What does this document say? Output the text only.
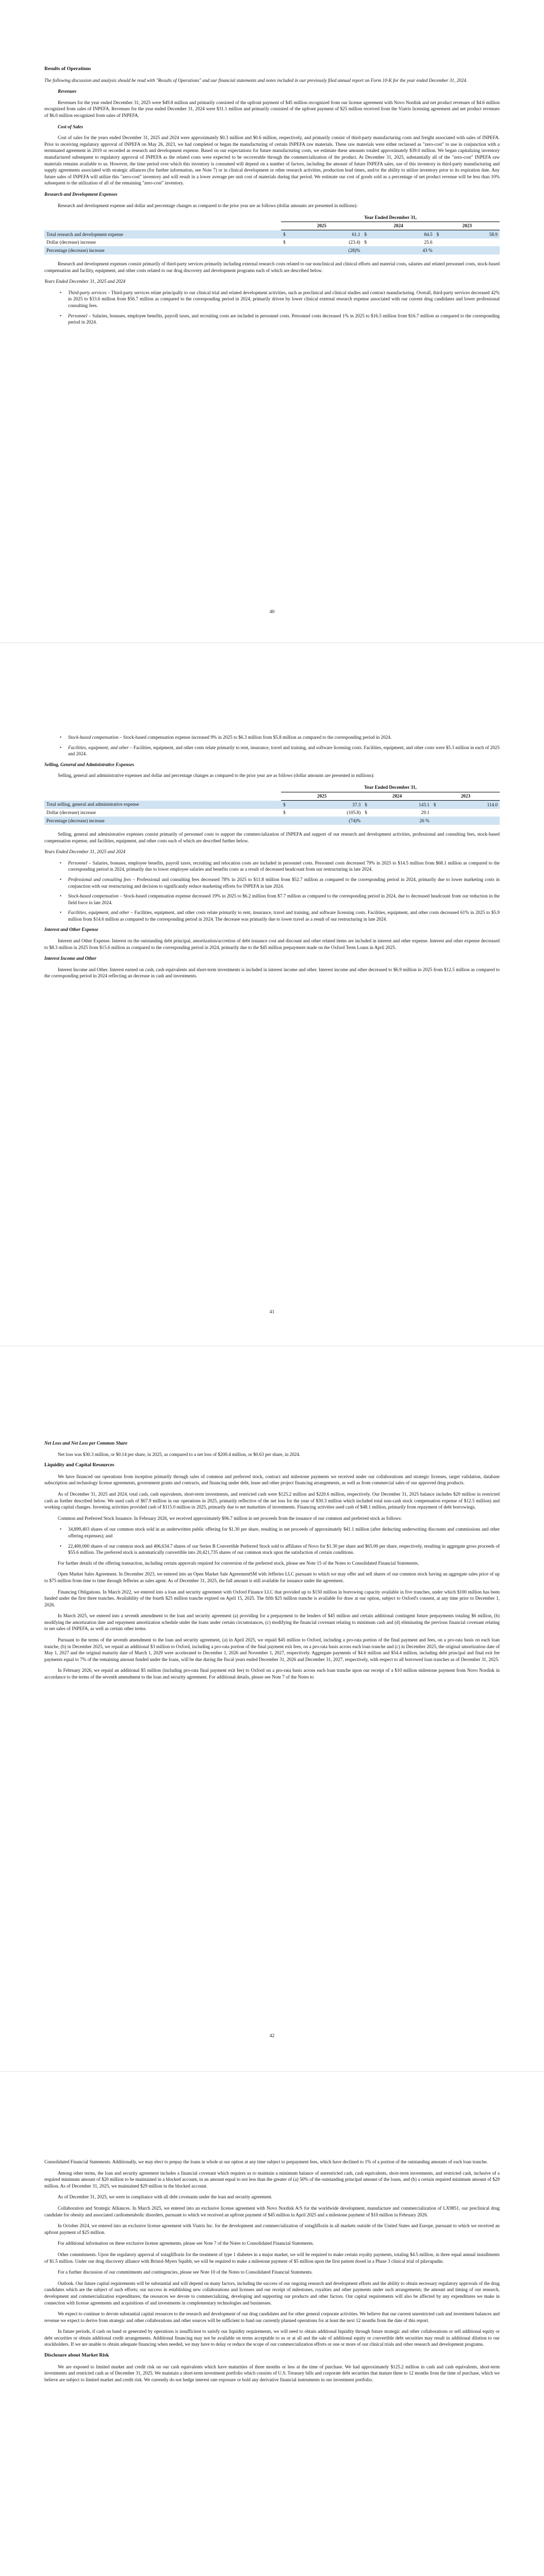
Results of Operations

The following discussion and analysis should be read with "Results of Operations" and our financial statements and notes included in our previously filed annual report on Form 10-K for the year ended December 31, 2024.

Revenues

Revenues for the year ended December 31, 2025 were $49.8 million and primarily consisted of the upfront payment of $45 million recognized from our license agreement with Novo Nordisk and net product revenues of $4.6 million recognized from sales of INPEFA. Revenues for the year ended December 31, 2024 were $31.1 million and primarily consisted of the upfront payment of $25 million received from the Viatris licensing agreement and net product revenues of $6.0 million recognized from sales of INPEFA.

Cost of Sales

Cost of sales for the years ended December 31, 2025 and 2024 were approximately $0.3 million and $0.6 million, respectively, and primarily consist of third-party manufacturing costs and freight associated with sales of INPEFA. Prior to receiving regulatory approval of INPEFA on May 26, 2023, we had completed or began the manufacturing of certain INPEFA raw materials. These raw materials were either reclassed as "zero-cost" to use in conjunction with a terminated agreement in 2019 or recorded as research and development expense. Based on our expectations for future manufacturing costs, we estimate these amounts totaled approximately $39.0 million. We began capitalizing inventory manufactured subsequent to regulatory approval of INPEFA as the related costs were expected to be recoverable through the commercialization of the product. At December 31, 2025, substantially all of the "zero-cost" INPEFA raw materials remains available to us. However, the time period over which this inventory is consumed will depend on a number of factors, including the amount of future INPEFA sales, use of this inventory in third-party manufacturing and supply agreements associated with strategic alliances (for further information, see Note 7) or in clinical development or other research activities, production lead times, and/or the ability to utilize inventory prior to its expiration date. Any future sales of INPEFA will utilize this "zero-cost" inventory and will result in a lower average per unit cost of materials during that period. We estimate our cost of goods sold as a percentage of net product revenue will be less than 10% subsequent to the utilization of all of the remaining "zero-cost" inventory.

Research and Development Expenses

Research and development expense and dollar and percentage changes as compared to the prior year are as follows (dollar amounts are presented in millions):

	Year Ended December 31,					
	2025		2024		2023	
Total research and development expense	$	61.1	$	84.5	$	58.9
Dollar (decrease) increase	$	(23.4)	$	25.6		
Percentage (decrease) increase		(28)%		43 %		

Research and development expenses consist primarily of third-party services primarily including external research costs related to our nonclinical and clinical efforts and material costs, salaries and related personnel costs, stock-based compensation and facility, equipment, and other costs related to our drug discovery and development programs each of which are described below.

Years Ended December 31, 2025 and 2024

• Third-party services – Third-party services relate principally to our clinical trial and related development activities, such as preclinical and clinical studies and contract manufacturing. Overall, third-party services decreased 42% in 2025 to $33.6 million from $56.7 million as compared to the corresponding period in 2024, primarily driven by lower clinical external research expense associated with our current drug candidates and lower professional consulting fees.
• Personnel – Salaries, bonuses, employee benefits, payroll taxes, and recruiting costs are included in personnel costs. Personnel costs decreased 1% in 2025 to $16.5 million from $16.7 million as compared to the corresponding period in 2024.
40
• Stock-based compensation – Stock-based compensation expense increased 9% in 2025 to $6.3 million from $5.8 million as compared to the corresponding period in 2024.
• Facilities, equipment, and other – Facilities, equipment, and other costs relate primarily to rent, insurance, travel and training, and software licensing costs. Facilities, equipment, and other costs were $5.3 million in each of 2025 and 2024.

Selling, General and Administrative Expenses

Selling, general and administrative expenses and dollar and percentage changes as compared to the prior year are as follows (dollar amounts are presented in millions):

	Year Ended December 31,					
	2025		2024		2023	
Total selling, general and administrative expense	$	37.3	$	143.1	$	114.0
Dollar (decrease) increase	$	(105.8)	$	29.1		
Percentage (decrease) increase		(74)%		26 %		

Selling, general and administrative expenses consist primarily of personnel costs to support the commercialization of INPEFA and support of our research and development activities, professional and consulting fees, stock-based compensation expense, and facilities, equipment, and other costs each of which are described further below.

Years Ended December 31, 2025 and 2024

• Personnel – Salaries, bonuses, employee benefits, payroll taxes, recruiting and relocation costs are included in personnel costs. Personnel costs decreased 79% in 2025 to $14.5 million from $68.1 million as compared to the corresponding period in 2024, primarily due to lower employee salaries and benefits costs as a result of decreased headcount from our restructuring in late 2024.
• Professional and consulting fees – Professional and consulting fees decreased 78% in 2025 to $11.8 million from $52.7 million as compared to the corresponding period in 2024, primarily due to lower marketing costs in conjunction with our restructuring and decision to significantly reduce marketing efforts for INPEFA in late 2024.
• Stock-based compensation – Stock-based compensation expense decreased 19% in 2025 to $6.2 million from $7.7 million as compared to the corresponding period in 2024, due to decreased headcount from our reduction in the field force in late 2024.
• Facilities, equipment, and other – Facilities, equipment, and other costs relate primarily to rent, insurance, travel and training, and software licensing costs. Facilities, equipment, and other costs decreased 61% in 2025 to $5.9 million from $14.6 million as compared to the corresponding period in 2024. The decrease was primarily due to lower travel as a result of our restructuring in late 2024.

Interest and Other Expense

Interest and Other Expense. Interest on the outstanding debt principal, amortization/accretion of debt issuance cost and discount and other related items are included in interest and other expense. Interest and other expense decreased to $8.3 million in 2025 from $15.6 million as compared to the corresponding period in 2024, primarily due to the $45 million prepayment made on the Oxford Term Loans in April 2025.

Interest Income and Other

Interest Income and Other. Interest earned on cash, cash equivalents and short-term investments is included in interest income and other. Interest income and other decreased to $6.9 million in 2025 from $12.5 million as compared to the corresponding period in 2024 reflecting an decrease in cash and investments.

41

Net Loss and Net Loss per Common Share

Net loss was $30.3 million, or $0.14 per share, in 2025, as compared to a net loss of $200.4 million, or $0.63 per share, in 2024.

Liquidity and Capital Resources

We have financed our operations from inception primarily through sales of common and preferred stock, contract and milestone payments we received under our collaborations and strategic licenses, target validation, database subscription and technology license agreements, government grants and contracts, and financing under debt, lease and other project financing arrangements, as well as from commercial sales of our approved drug products.

As of December 31, 2025 and 2024, total cash, cash equivalents, short-term investments, and restricted cash were $125.2 million and $220.6 million, respectively. Our December 31, 2025 balance includes $20 million in restricted cash as further described below. We used cash of $67.9 million in our operations in 2025, primarily reflective of the net loss for the year of $30.3 million which included total non-cash stock compensation expense of $12.5 million) and working capital changes. Investing activities provided cash of $115.0 million in 2025, primarily due to net maturities of investments. Financing activities used cash of $48.1 million, primarily from repayment of debt borrowings.

Common and Preferred Stock Issuance. In February 2026, we received approximately $96.7 million in net proceeds from the issuance of our common and preferred stock as follows:

• 34,899,403 shares of our common stock sold in an underwritten public offering for $1.30 per share, resulting in net proceeds of approximately $41.1 million (after deducting underwriting discounts and commissions and other offering expenses); and
• 22,400,000 shares of our common stock and 406,634.7 shares of our Series B Convertible Preferred Stock sold to affiliates of Novo for $1.30 per share and $65.00 per share, respectively, resulting in aggregate gross proceeds of $55.6 million. The preferred stock is automatically convertible into 20,421,735 shares of our common stock upon the satisfaction of certain conditions.

For further details of the offering transaction, including certain approvals required for conversion of the preferred stock, please see Note 15 of the Notes to Consolidated Financial Statements.

Open Market Sales Agreement. In December 2023, we entered into an Open Market Sale AgreementSM with Jefferies LLC pursuant to which we may offer and sell shares of our common stock having an aggregate sales price of up to $75 million from time to time through Jefferies as sales agent. As of December 31, 2025, the full amount is still available for issuance under the agreement.

Financing Obligations. In March 2022, we entered into a loan and security agreement with Oxford Finance LLC that provided up to $150 million in borrowing capacity available in five tranches, under which $100 million has been funded under the first three tranches. Availability of the fourth $25 million tranche expired on April 15, 2025. The fifth $25 million tranche is available for draw at our option, subject to Oxford's consent, at any time prior to December 1, 2026.

In March 2025, we entered into a seventh amendment to the loan and security agreement (a) providing for a prepayment to the lenders of $45 million and certain additional contingent future prepayments totaling $6 million, (b) modifying the amortization date and repayment amortization schedule under the loans under certain circumstances, (c) modifying the financial covenant relating to minimum cash and (d) eliminating the previous financial covenant relating to net sales of INPEFA, as well as certain other terms.

Pursuant to the terms of the seventh amendment to the loan and security agreement, (a) in April 2025, we repaid $45 million to Oxford, including a pro-rata portion of the final payment and fees, on a pro-rata basis on each loan tranche, (b) in December 2025, we repaid an additional $3 million to Oxford, including a pro-rata portion of the final payment exit fees, on a pro-rata basis across each loan tranche and (c) in December 2025, the original amortization date of May 1, 2027 and the original maturity date of March 1, 2029 were accelerated to December 1, 2026 and November 1, 2027, respectively. Aggregate payments of $4.6 million and $54.4 million, including debt principal and final exit fee payments equal to 7% of the remaining amount funded under the loans, will be due during the fiscal years ended December 31, 2026 and December 31, 2027, respectively, with respect to all borrowed loan tranches as of December 31, 2025.

In February 2026, we repaid an additional $5 million (including pro-rata final payment exit fee) to Oxford on a pro-rata basis across each loan tranche upon our receipt of a $10 million milestone payment from Novo Nordisk in accordance to the terms of the seventh amendment to the loan and security agreement. For additional details, please see Note 7 of the Notes to

42

Consolidated Financial Statements. Additionally, we may elect to prepay the loans in whole at our option at any time subject to prepayment fees, which have declined to 1% of a portion of the outstanding amounts of each loan tranche.

Among other terms, the loan and security agreement includes a financial covenant which requires us to maintain a minimum balance of unrestricted cash, cash equivalents, short-term investments, and restricted cash, inclusive of a required minimum amount of $20 million to be maintained in a blocked account, in an amount equal to not less than the greater of (a) 50% of the outstanding principal amount of the loans, and (b) a certain required minimum amount of $29 million. As of December 31, 2025, we maintained $29 million in the blocked account.

As of December 31, 2025, we were in compliance with all debt covenants under the loan and security agreement.

Collaboration and Strategic Alliances. In March 2025, we entered into an exclusive license agreement with Novo Nordisk A/S for the worldwide development, manufacture and commercialization of LX9851, our preclinical drug candidate for obesity and associated cardiometabolic disorders, pursuant to which we received an upfront payment of $45 million in April 2025 and a milestone payment of $10 million in February 2026.

In October 2024, we entered into an exclusive license agreement with Viatris Inc. for the development and commercialization of sotagliflozin in all markets outside of the United States and Europe, pursuant to which we received an upfront payment of $25 million.

For additional information on these exclusive license agreements, please see Note 7 of the Notes to Consolidated Financial Statements.

Other commitments. Upon the regulatory approval of sotagliflozin for the treatment of type 1 diabetes in a major market, we will be required to make certain royalty payments, totaling $4.5 million, in three equal annual installments of $1.5 million. Under our drug discovery alliance with Bristol-Myers Squibb, we will be required to make a milestone payment of $5 million upon the first patient dosed in a Phase 3 clinical trial of pilavapadin.

For a further discussion of our commitments and contingencies, please see Note 10 of the Notes to Consolidated Financial Statements.

Outlook. Our future capital requirements will be substantial and will depend on many factors, including the success of our ongoing research and development efforts and the ability to obtain necessary regulatory approvals of the drug candidates which are the subject of such efforts; our success in establishing new collaborations and licenses and our receipt of milestones, royalties and other payments under such arrangements; the amount and timing of our research, development and commercialization expenditures; the resources we devote to commercializing, developing and supporting our products and other factors. Our capital requirements will also be affected by any expenditures we make in connection with license agreements and acquisitions of and investments in complementary technologies and businesses.

We expect to continue to devote substantial capital resources to the research and development of our drug candidates and for other general corporate activities. We believe that our current unrestricted cash and investment balances and revenue we expect to derive from strategic and other collaborations and other sources will be sufficient to fund our currently planned operations for at least the next 12 months from the date of this report.

In future periods, if cash on hand or generated by operations is insufficient to satisfy our liquidity requirements, we will need to obtain additional liquidity through future strategic and other collaborations or sell additional equity or debt securities or obtain additional credit arrangements. Additional financing may not be available on terms acceptable to us or at all and the sale of additional equity or convertible debt securities may result in additional dilution to our stockholders. If we are unable to obtain adequate financing when needed, we may have to delay or reduce the scope of our commercialization efforts or one or more of our clinical trials and other research and development programs.

Disclosure about Market Risk

We are exposed to limited market and credit risk on our cash equivalents which have maturities of three months or less at the time of purchase. We had approximately $125.2 million in cash and cash equivalents, short-term investments and restricted cash as of December 31, 2025. We maintain a short-term investment portfolio which consists of U.S. Treasury bills and corporate debt securities that mature three to 12 months from the time of purchase, which we believe are subject to limited market and credit risk. We currently do not hedge interest rate exposure or hold any derivative financial instruments in our investment portfolio.
